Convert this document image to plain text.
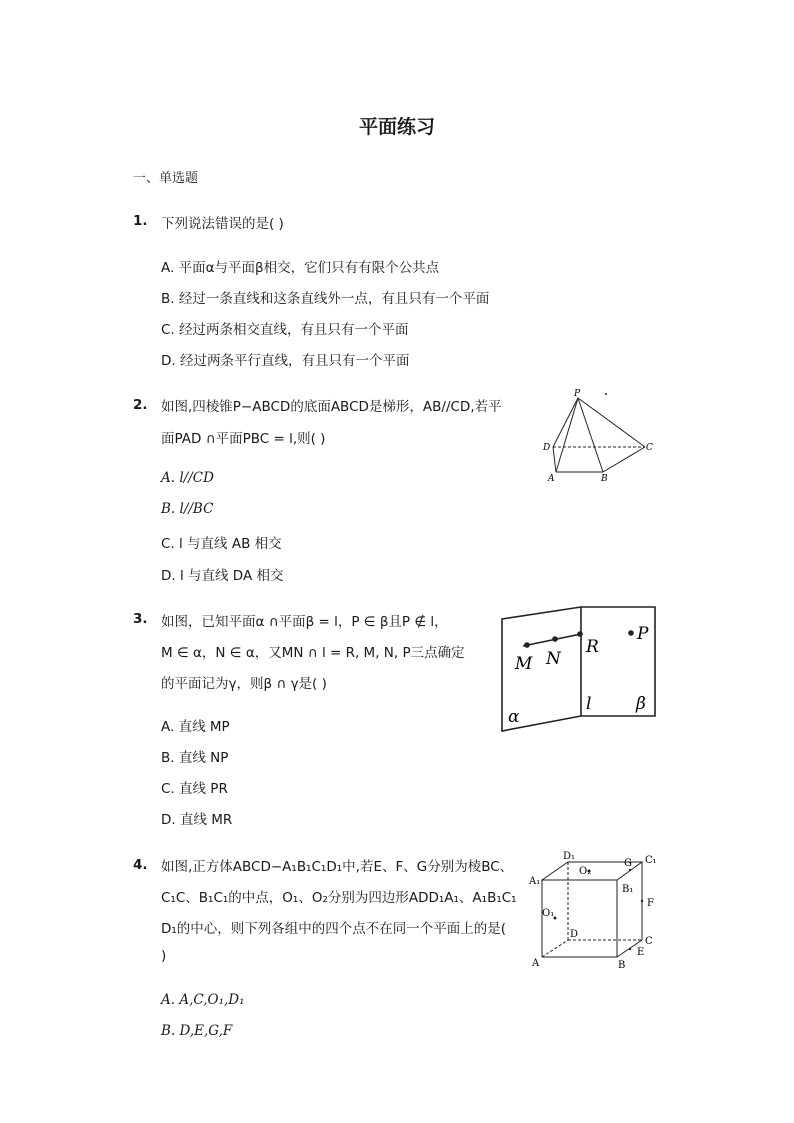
平面练习
一、单选题
1. 下列说法错误的是( )
A. 平面α与平面β相交，它们只有有限个公共点
B. 经过一条直线和这条直线外一点，有且只有一个平面
C. 经过两条相交直线，有且只有一个平面
D. 经过两条平行直线，有且只有一个平面
2. 如图,四棱锥P−ABCD的底面ABCD是梯形，AB//CD,若平
面PAD ∩平面PBC = l,则( )
A. l//CD
B. l//BC
C. l 与直线 AB 相交
D. l 与直线 DA 相交
P
D	C
A	B
3. 如图，已知平面α ∩平面β = l，P ∈ β且P ∉ l，
M ∈ α，N ∈ α，又MN ∩ l = R, M, N, P三点确定
的平面记为γ，则β ∩ γ是( )
A. 直线 MP
B. 直线 NP
C. 直线 PR
D. 直线 MR
M N
R
P
l
α
β
4. 如图,正方体ABCD−A₁B₁C₁D₁中,若E、F、G分别为棱BC、
C₁C、B₁C₁的中点，O₁、O₂分别为四边形ADD₁A₁、A₁B₁C₁
D₁的中心，则下列各组中的四个点不在同一个平面上的是(
)
A. A,C,O₁,D₁
B. D,E,G,F
D₁	C₁
A₁
O₂
G
B₁
O₁
F
D
C
E
A	B
